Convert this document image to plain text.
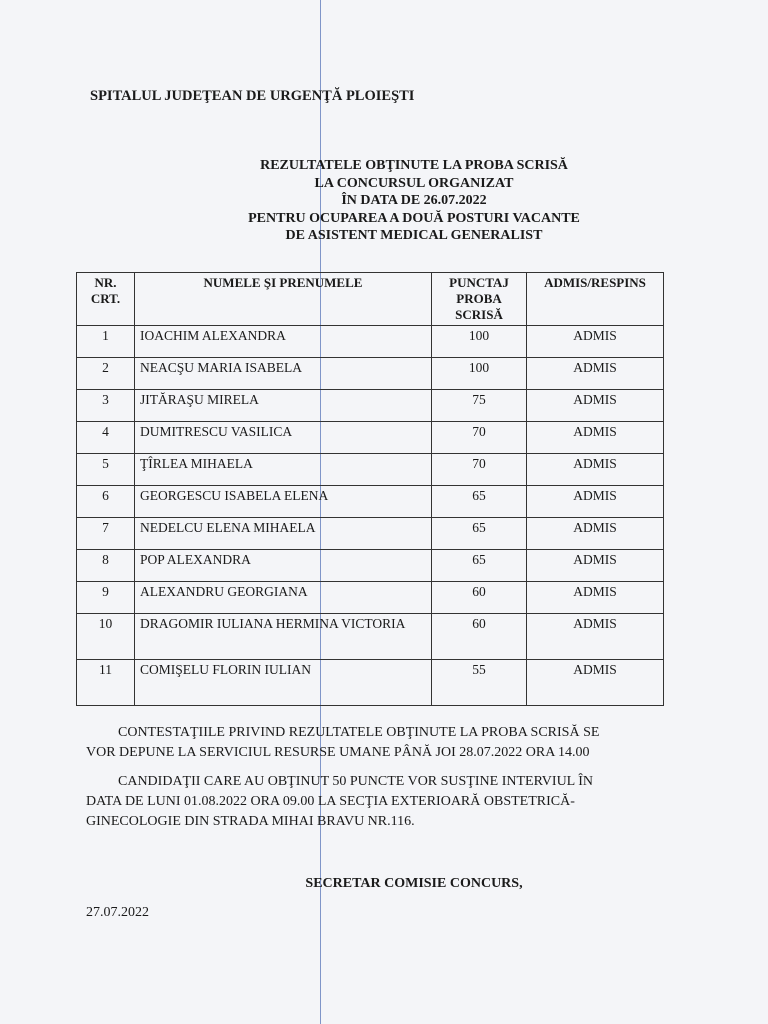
SPITALUL JUDEŢEAN DE URGENŢĂ PLOIEŞTI
REZULTATELE OBŢINUTE LA PROBA SCRISĂ
LA CONCURSUL ORGANIZAT
ÎN DATA DE 26.07.2022
PENTRU OCUPAREA A DOUĂ POSTURI VACANTE
DE ASISTENT MEDICAL GENERALIST
NR. CRT.	NUMELE ŞI PRENUMELE	PUNCTAJ PROBA SCRISĂ	ADMIS/RESPINS
1	IOACHIM ALEXANDRA	100	ADMIS
2	NEACŞU MARIA ISABELA	100	ADMIS
3	JITĂRAŞU MIRELA	75	ADMIS
4	DUMITRESCU VASILICA	70	ADMIS
5	ŢÎRLEA MIHAELA	70	ADMIS
6	GEORGESCU ISABELA ELENA	65	ADMIS
7	NEDELCU ELENA MIHAELA	65	ADMIS
8	POP ALEXANDRA	65	ADMIS
9	ALEXANDRU GEORGIANA	60	ADMIS
10	DRAGOMIR IULIANA HERMINA VICTORIA	60	ADMIS
11	COMIŞELU FLORIN IULIAN	55	ADMIS
CONTESTAŢIILE PRIVIND REZULTATELE OBŢINUTE LA PROBA SCRISĂ SE
VOR DEPUNE LA SERVICIUL RESURSE UMANE PÂNĂ JOI 28.07.2022 ORA 14.00
CANDIDAŢII CARE AU OBŢINUT 50 PUNCTE VOR SUSŢINE INTERVIUL ÎN
DATA DE LUNI 01.08.2022 ORA 09.00 LA SECŢIA EXTERIOARĂ OBSTETRICĂ-
GINECOLOGIE DIN STRADA MIHAI BRAVU NR.116.
SECRETAR COMISIE CONCURS,
27.07.2022
